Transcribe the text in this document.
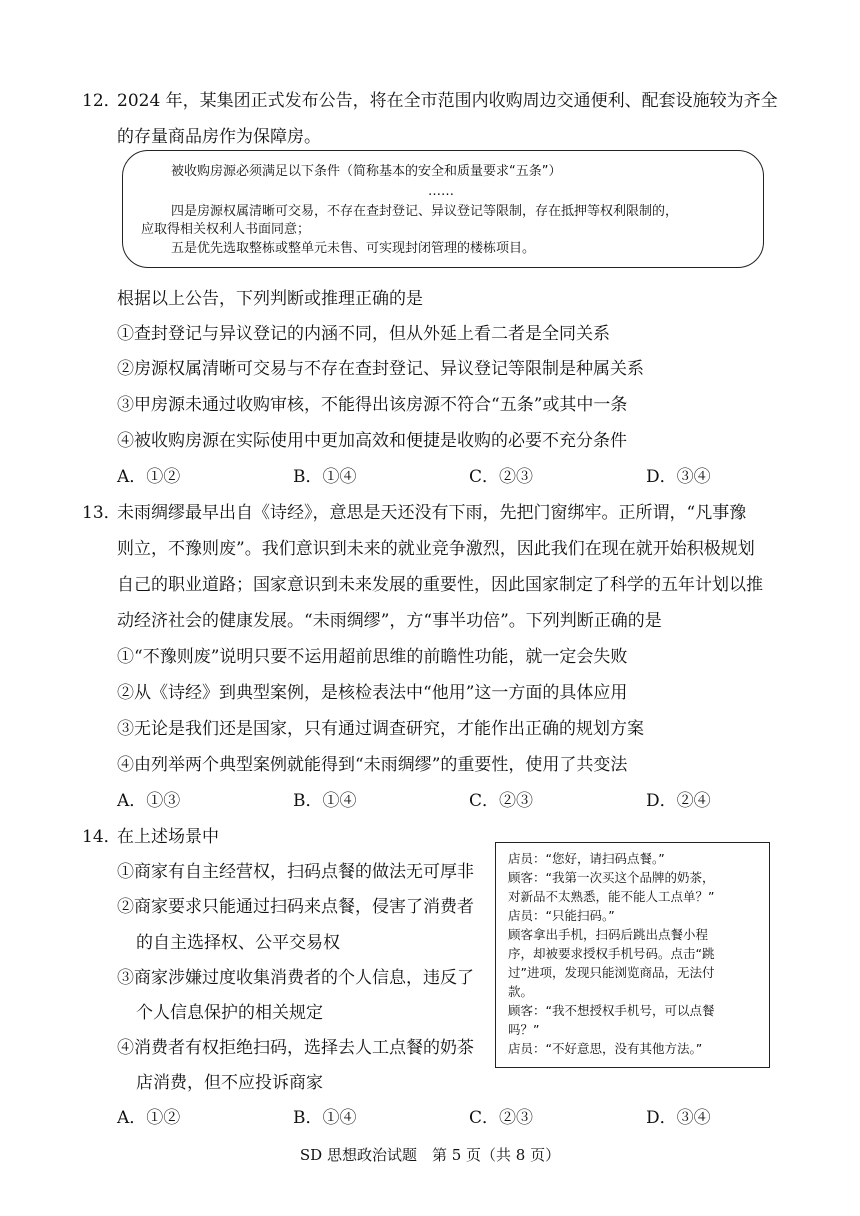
12．
2024 年，某集团正式发布公告，将在全市范围内收购周边交通便利、配套设施较为齐全
的存量商品房作为保障房。
被收购房源必须满足以下条件（简称基本的安全和质量要求“五条”）
……
四是房源权属清晰可交易，不存在查封登记、异议登记等限制，存在抵押等权利限制的，
应取得相关权利人书面同意；
五是优先选取整栋或整单元未售、可实现封闭管理的楼栋项目。
根据以上公告，下列判断或推理正确的是
①查封登记与异议登记的内涵不同，但从外延上看二者是全同关系
②房源权属清晰可交易与不存在查封登记、异议登记等限制是种属关系
③甲房源未通过收购审核，不能得出该房源不符合“五条”或其中一条
④被收购房源在实际使用中更加高效和便捷是收购的必要不充分条件
A．①②	B．①④	C．②③	D．③④
13．
未雨绸缪最早出自《诗经》，意思是天还没有下雨，先把门窗绑牢。正所谓，“凡事豫
则立，不豫则废”。我们意识到未来的就业竞争激烈，因此我们在现在就开始积极规划
自己的职业道路；国家意识到未来发展的重要性，因此国家制定了科学的五年计划以推
动经济社会的健康发展。“未雨绸缪”，方“事半功倍”。下列判断正确的是
①“不豫则废”说明只要不运用超前思维的前瞻性功能，就一定会失败
②从《诗经》到典型案例，是核检表法中“他用”这一方面的具体应用
③无论是我们还是国家，只有通过调查研究，才能作出正确的规划方案
④由列举两个典型案例就能得到“未雨绸缪”的重要性，使用了共变法
A．①③	B．①④	C．②③	D．②④
14．
在上述场景中
①商家有自主经营权，扫码点餐的做法无可厚非
②商家要求只能通过扫码来点餐，侵害了消费者
的自主选择权、公平交易权
③商家涉嫌过度收集消费者的个人信息，违反了
个人信息保护的相关规定
④消费者有权拒绝扫码，选择去人工点餐的奶茶
店消费，但不应投诉商家
店员：“您好，请扫码点餐。”
顾客：“我第一次买这个品牌的奶茶，
对新品不太熟悉，能不能人工点单？”
店员：“只能扫码。”
顾客拿出手机，扫码后跳出点餐小程
序，却被要求授权手机号码。点击“跳
过”进项，发现只能浏览商品，无法付
款。
顾客：“我不想授权手机号，可以点餐
吗？”
店员：“不好意思，没有其他方法。”
A．①②	B．①④	C．②③	D．③④
SD 思想政治试题　第 5 页（共 8 页）
